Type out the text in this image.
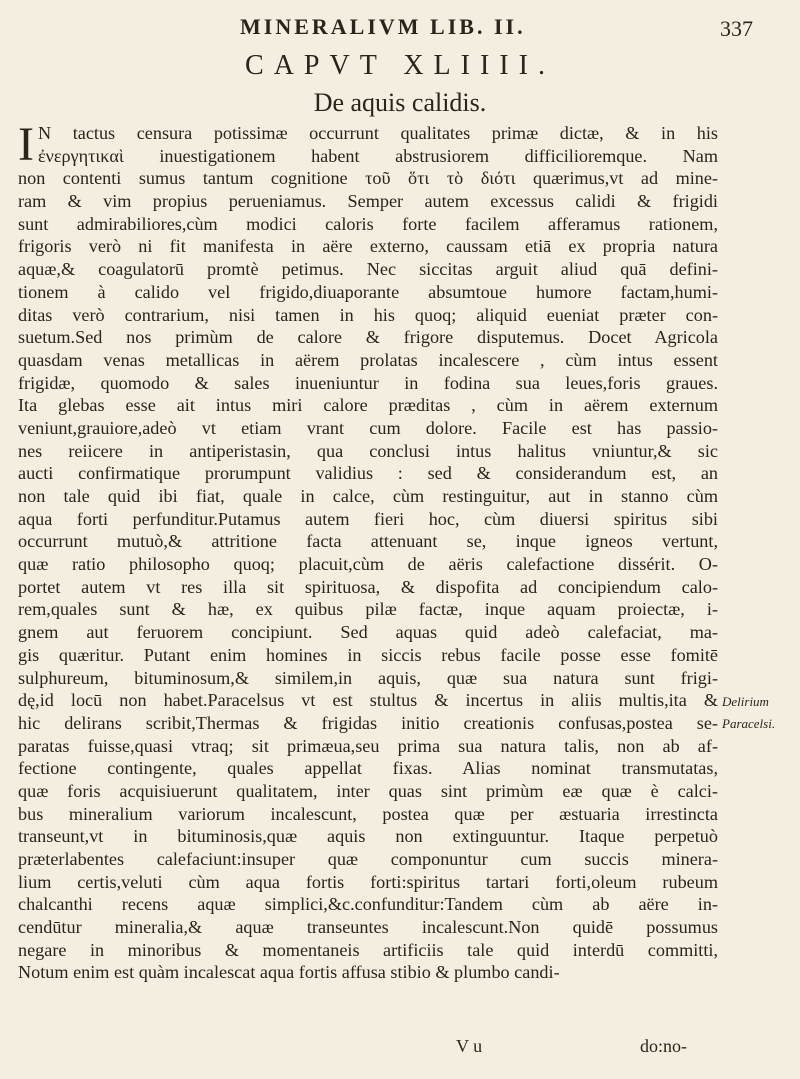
MINERALIVM LIB. II.	337
CAPVT XLIIII.
De aquis calidis.
I N tactus censura potissimæ occurrunt qualitates primæ dictæ, & in his
ἐνεργητικαὶ inuestigationem habent abstrusiorem difficilioremque. Nam
non contenti sumus tantum cognitione τοῦ ὅτι τὸ διότι quærimus,vt ad mine-
ram & vim propius perueniamus. Semper autem excessus calidi & frigidi
sunt admirabiliores,cùm modici caloris forte facilem afferamus rationem,
frigoris verò ni fit manifesta in aëre externo, caussam etiā ex propria natura
aquæ,& coagulatorū promtè petimus. Nec siccitas arguit aliud quā defini-
tionem à calido vel frigido,diuaporante absumtoue humore factam,humi-
ditas verò contrarium, nisi tamen in his quoq; aliquid eueniat præter con-
suetum.Sed nos primùm de calore & frigore disputemus. Docet Agricola
quasdam venas metallicas in aërem prolatas incalescere , cùm intus essent
frigidæ, quomodo & sales inueniuntur in fodina sua leues,foris graues.
Ita glebas esse ait intus miri calore præditas , cùm in aërem externum
veniunt,grauiore,adeò vt etiam vrant cum dolore. Facile est has passio-
nes reiicere in antiperistasin, qua conclusi intus halitus vniuntur,& sic
aucti confirmatique prorumpunt validius : sed & considerandum est, an
non tale quid ibi fiat, quale in calce, cùm restinguitur, aut in stanno cùm
aqua forti perfunditur.Putamus autem fieri hoc, cùm diuersi spiritus sibi
occurrunt mutuò,& attritione facta attenuant se, inque igneos vertunt,
quæ ratio philosopho quoq; placuit,cùm de aëris calefactione dissérit. O-
portet autem vt res illa sit spirituosa, & dispofita ad concipiendum calo-
rem,quales sunt & hæ, ex quibus pilæ factæ, inque aquam proiectæ, i-
gnem aut feruorem concipiunt. Sed aquas quid adeò calefaciat, ma-
gis quæritur. Putant enim homines in siccis rebus facile posse esse fomitē
sulphureum, bituminosum,& similem,in aquis, quæ sua natura sunt frigi-
dę,id locū non habet.Paracelsus vt est stultus & incertus in aliis multis,ita &
hic delirans scribit,Thermas & frigidas initio creationis confusas,postea se-
paratas fuisse,quasi vtraq; sit primæua,seu prima sua natura talis, non ab af-
fectione contingente, quales appellat fixas. Alias nominat transmutatas,
quæ foris acquisiuerunt qualitatem, inter quas sint primùm eæ quæ è calci-
bus mineralium variorum incalescunt, postea quæ per æstuaria irrestincta
transeunt,vt in bituminosis,quæ aquis non extinguuntur. Itaque perpetuò
præterlabentes calefaciunt:insuper quæ componuntur cum succis minera-
lium certis,veluti cùm aqua fortis forti:spiritus tartari forti,oleum rubeum
chalcanthi recens aquæ simplici,&c.confunditur:Tandem cùm ab aëre in-
cendūtur mineralia,& aquæ transeuntes incalescunt.Non quidē possumus
negare in minoribus & momentaneis artificiis tale quid interdū committi,
Notum enim est quàm incalescat aqua fortis affusa stibio & plumbo candi-
Delirium
Paracelsi.
V u	do:no-
